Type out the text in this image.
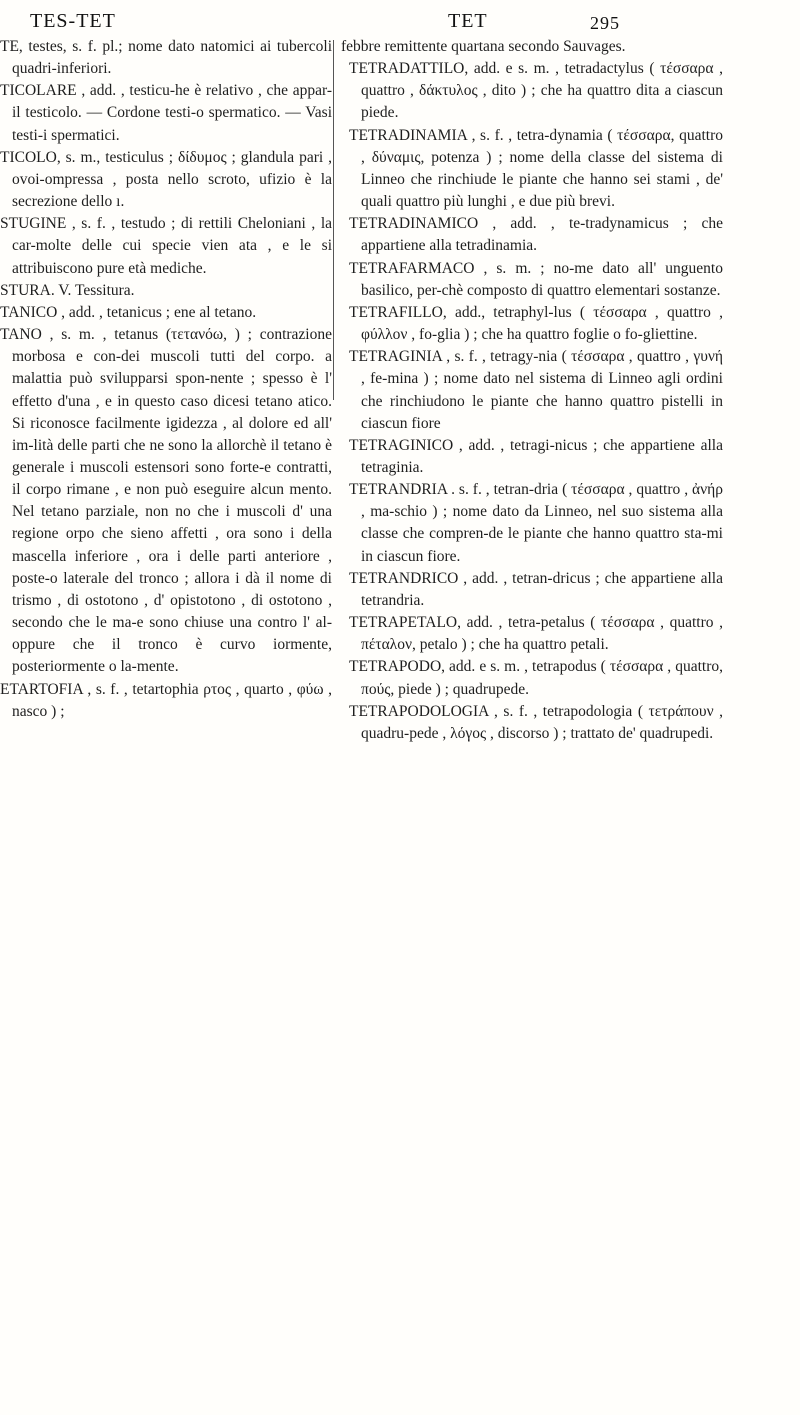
TES-TET	TET	295

TE, testes, s. f. pl.; nome dato natomici ai tubercoli quadri-inferiori.

TICOLARE , add. , testicu-he è relativo , che appar-il testicolo. — Cordone testi-o spermatico. — Vasi testi-i spermatici.

TICOLO, s. m., testiculus ; δίδυμος ; glandula pari , ovoi-ompressa , posta nello scroto, ufizio è la secrezione dello ı.

STUGINE , s. f. , testudo ; di rettili Cheloniani , la car-molte delle cui specie vien ata , e le si attribuiscono pure età mediche.

STURA. V. Tessitura.

TANICO , add. , tetanicus ; ene al tetano.

TANO , s. m. , tetanus (τετανόω, ) ; contrazione morbosa e con-dei muscoli tutti del corpo. a malattia può svilupparsi spon-nente ; spesso è l' effetto d'una , e in questo caso dicesi tetano atico. Si riconosce facilmente igidezza , al dolore ed all' im-lità delle parti che ne sono la allorchè il tetano è generale i muscoli estensori sono forte-e contratti, il corpo rimane , e non può eseguire alcun mento. Nel tetano parziale, non no che i muscoli d' una regione orpo che sieno affetti , ora sono i della mascella inferiore , ora i delle parti anteriore , poste-o laterale del tronco ; allora i dà il nome di trismo , di ostotono , d' opistotono , di ostotono , secondo che le ma-e sono chiuse una contro l' al-oppure che il tronco è curvo iormente, posteriormente o la-mente.

ETARTOFIA , s. f. , tetartophia ρτος , quarto , φύω , nasco ) ;

febbre remittente quartana secondo Sauvages.

TETRADATTILO, add. e s. m. , tetradactylus ( τέσσαρα , quattro , δάκτυλος , dito ) ; che ha quattro dita a ciascun piede.

TETRADINAMIA , s. f. , tetra-dynamia ( τέσσαρα, quattro , δύναμις, potenza ) ; nome della classe del sistema di Linneo che rinchiude le piante che hanno sei stami , de' quali quattro più lunghi , e due più brevi.

TETRADINAMICO , add. , te-tradynamicus ; che appartiene alla tetradinamia.

TETRAFARMACO , s. m. ; no-me dato all' unguento basilico, per-chè composto di quattro elementari sostanze.

TETRAFILLO, add., tetraphyl-lus ( τέσσαρα , quattro , φύλλον , fo-glia ) ; che ha quattro foglie o fo-gliettine.

TETRAGINIA , s. f. , tetragy-nia ( τέσσαρα , quattro , γυνή , fe-mina ) ; nome dato nel sistema di Linneo agli ordini che rinchiudono le piante che hanno quattro pistelli in ciascun fiore

TETRAGINICO , add. , tetragi-nicus ; che appartiene alla tetraginia.

TETRANDRIA . s. f. , tetran-dria ( τέσσαρα , quattro , ἀνήρ , ma-schio ) ; nome dato da Linneo, nel suo sistema alla classe che compren-de le piante che hanno quattro sta-mi in ciascun fiore.

TETRANDRICO , add. , tetran-dricus ; che appartiene alla tetrandria.

TETRAPETALO, add. , tetra-petalus ( τέσσαρα , quattro , πέταλον, petalo ) ; che ha quattro petali.

TETRAPODO, add. e s. m. , tetrapodus ( τέσσαρα , quattro, πούς, piede ) ; quadrupede.

TETRAPODOLOGIA , s. f. , tetrapodologia ( τετράπουν , quadru-pede , λόγος , discorso ) ; trattato de' quadrupedi.
